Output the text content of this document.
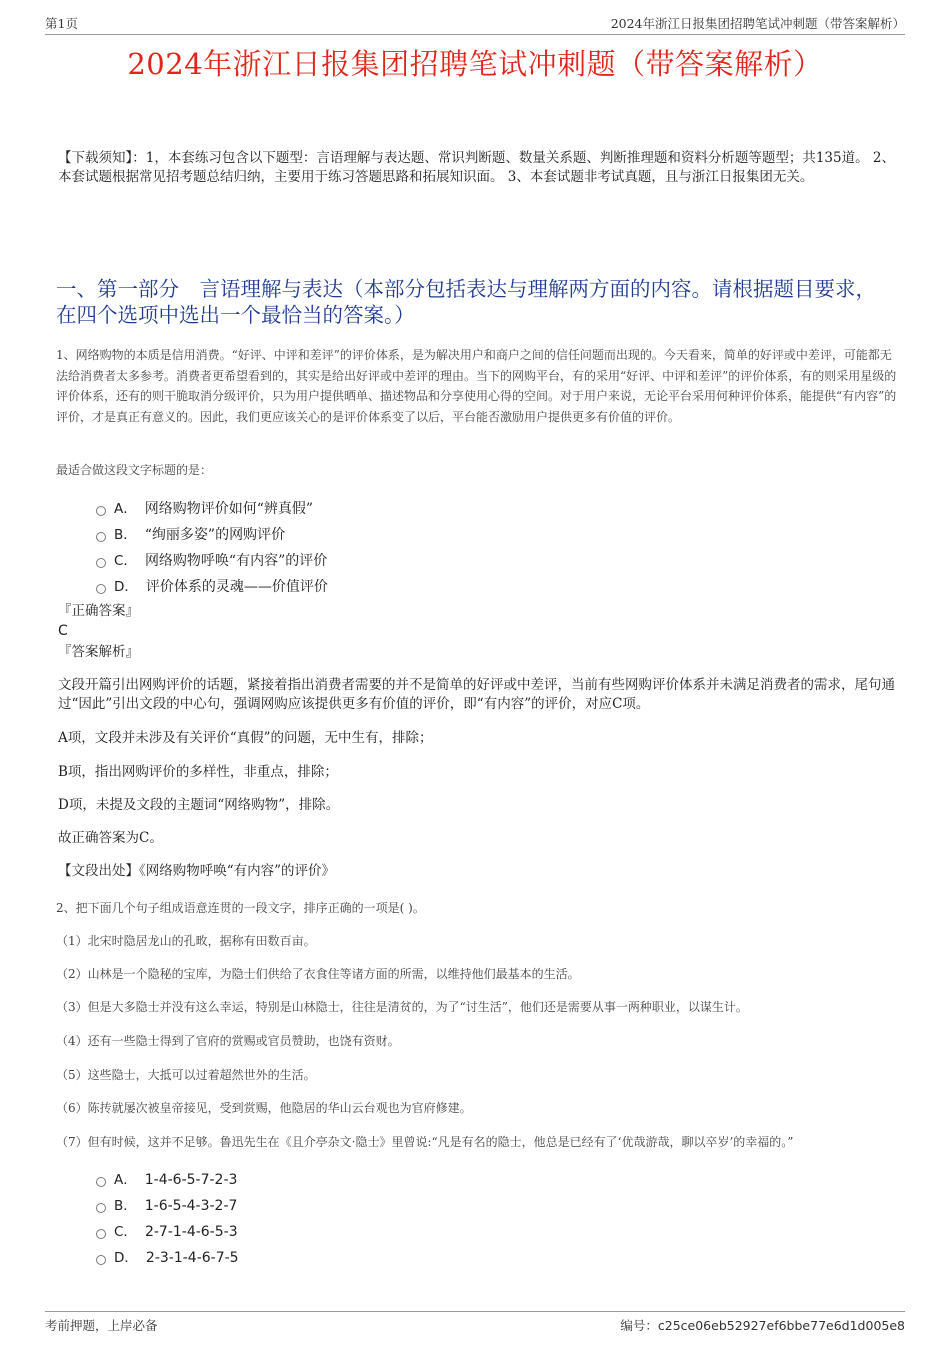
第1页	2024年浙江日报集团招聘笔试冲刺题（带答案解析）
2024年浙江日报集团招聘笔试冲刺题（带答案解析）
【下载须知】：1，本套练习包含以下题型：言语理解与表达题、常识判断题、数量关系题、判断推理题和资料分析题等题型；共135道。 2、本套试题根据常见招考题总结归纳，主要用于练习答题思路和拓展知识面。 3、本套试题非考试真题，且与浙江日报集团无关。
一、第一部分　言语理解与表达（本部分包括表达与理解两方面的内容。请根据题目要求，在四个选项中选出一个最恰当的答案。）
1、网络购物的本质是信用消费。“好评、中评和差评”的评价体系，是为解决用户和商户之间的信任问题而出现的。今天看来，简单的好评或中差评，可能都无法给消费者太多参考。消费者更希望看到的，其实是给出好评或中差评的理由。当下的网购平台，有的采用“好评、中评和差评”的评价体系，有的则采用星级的评价体系，还有的则干脆取消分级评价，只为用户提供晒单、描述物品和分享使用心得的空间。对于用户来说，无论平台采用何种评价体系，能提供“有内容”的评价，才是真正有意义的。因此，我们更应该关心的是评价体系变了以后，平台能否激励用户提供更多有价值的评价。
最适合做这段文字标题的是：
A． 网络购物评价如何“辨真假”
B． “绚丽多姿”的网购评价
C． 网络购物呼唤“有内容”的评价
D． 评价体系的灵魂——价值评价
『正确答案』
C
『答案解析』
文段开篇引出网购评价的话题，紧接着指出消费者需要的并不是简单的好评或中差评，当前有些网购评价体系并未满足消费者的需求，尾句通过“因此”引出文段的中心句，强调网购应该提供更多有价值的评价，即“有内容”的评价，对应C项。
A项，文段并未涉及有关评价“真假”的问题，无中生有，排除；
B项，指出网购评价的多样性，非重点，排除；
D项，未提及文段的主题词“网络购物”，排除。
故正确答案为C。
【文段出处】《网络购物呼唤“有内容”的评价》
2、把下面几个句子组成语意连贯的一段文字，排序正确的一项是( )。
（1）北宋时隐居龙山的孔畋，据称有田数百亩。
（2）山林是一个隐秘的宝库，为隐士们供给了衣食住等诸方面的所需，以维持他们最基本的生活。
（3）但是大多隐士并没有这么幸运，特别是山林隐士，往往是清贫的，为了“讨生活”，他们还是需要从事一两种职业，以谋生计。
（4）还有一些隐士得到了官府的赏赐或官员赞助，也饶有资财。
（5）这些隐士，大抵可以过着超然世外的生活。
（6）陈抟就屡次被皇帝接见，受到赏赐，他隐居的华山云台观也为官府修建。
（7）但有时候，这并不足够。鲁迅先生在《且介亭杂文·隐士》里曾说:“凡是有名的隐士，他总是已经有了‘优哉游哉，聊以卒岁’的幸福的。”
A． 1-4-6-5-7-2-3
B． 1-6-5-4-3-2-7
C． 2-7-1-4-6-5-3
D． 2-3-1-4-6-7-5
考前押题，上岸必备	编号：c25ce06eb52927ef6bbe77e6d1d005e8
